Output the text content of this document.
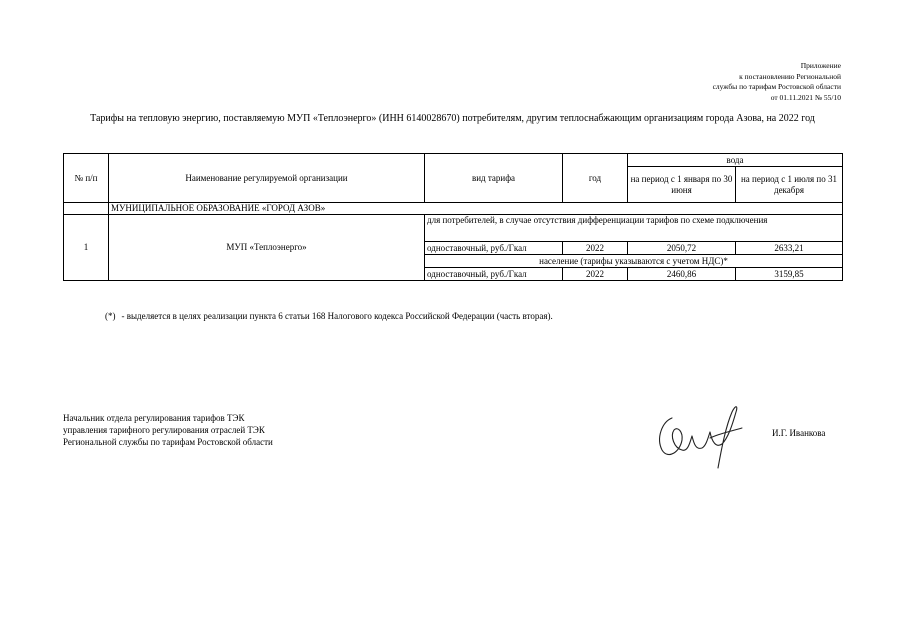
Приложение
к постановлению Региональной
службы по тарифам Ростовской области
от 01.11.2021 № 55/10
Тарифы на тепловую энергию, поставляемую МУП «Теплоэнерго» (ИНН 6140028670) потребителям, другим теплоснабжающим организациям города Азова, на 2022 год
№ п/п	Наименование регулируемой организации	вид тарифа	год	вода	
				на период с 1 января по 30 июня	на период с 1 июля по 31 декабря
	МУНИЦИПАЛЬНОЕ ОБРАЗОВАНИЕ «ГОРОД АЗОВ»				
1	МУП «Теплоэнерго»	для потребителей, в случае отсутствия дифференциации тарифов по схеме подключения			
		одноставочный, руб./Гкал	2022	2050,72	2633,21
		население (тарифы указываются с учетом НДС)*			
		одноставочный, руб./Гкал	2022	2460,86	3159,85
(*) - выделяется в целях реализации пункта 6 статьи 168 Налогового кодекса Российской Федерации (часть вторая).
Начальник отдела регулирования тарифов ТЭК
управления тарифного регулирования отраслей ТЭК
Региональной службы по тарифам Ростовской области
И.Г. Иванкова
